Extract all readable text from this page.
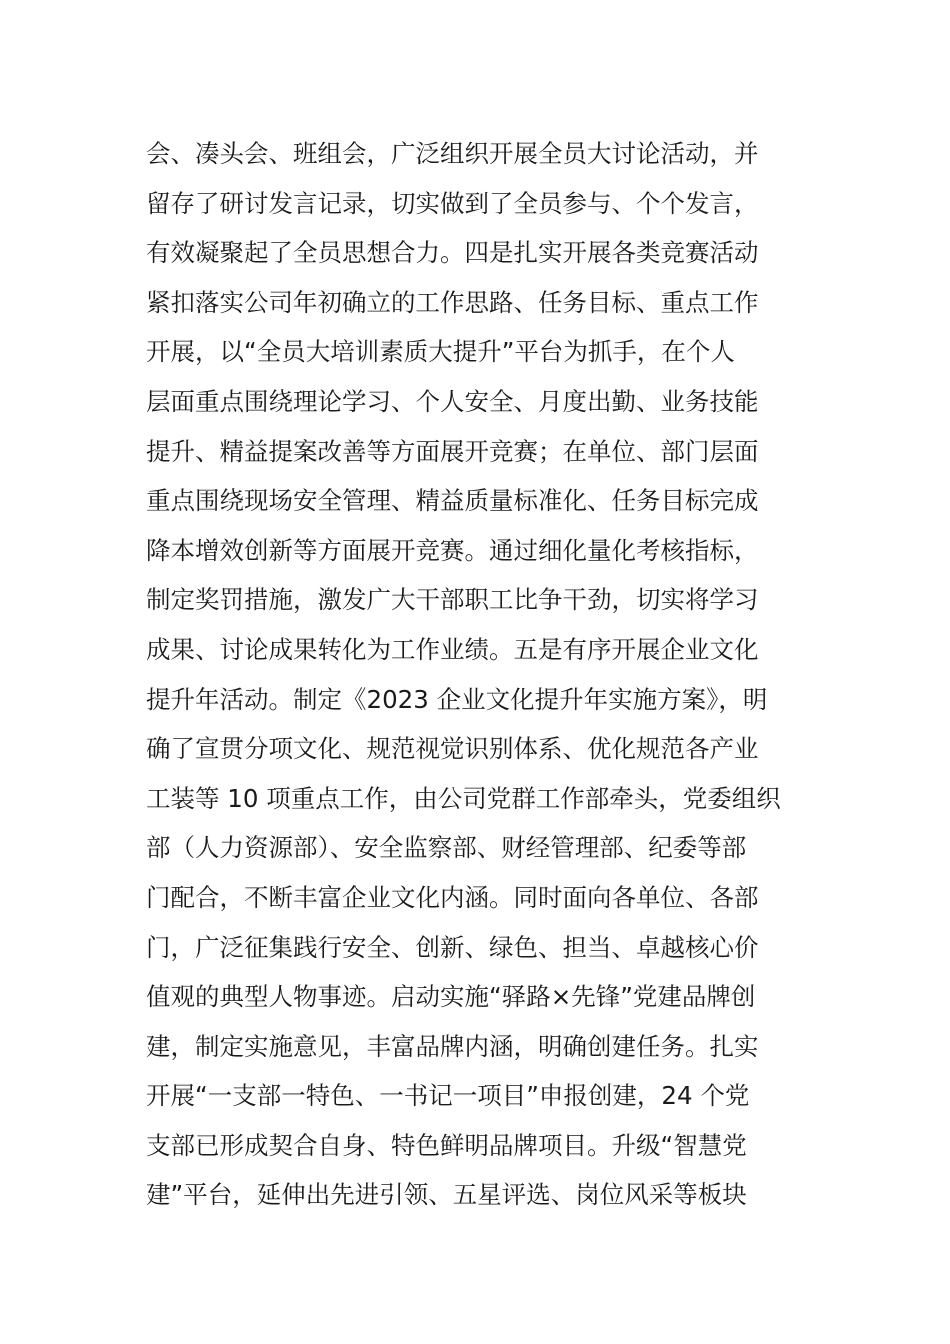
会、凑头会、班组会，广泛组织开展全员大讨论活动，并
留存了研讨发言记录，切实做到了全员参与、个个发言，
有效凝聚起了全员思想合力。四是扎实开展各类竞赛活动
紧扣落实公司年初确立的工作思路、任务目标、重点工作
开展，以“全员大培训素质大提升”平台为抓手，在个人
层面重点围绕理论学习、个人安全、月度出勤、业务技能
提升、精益提案改善等方面展开竞赛；在单位、部门层面
重点围绕现场安全管理、精益质量标准化、任务目标完成
降本增效创新等方面展开竞赛。通过细化量化考核指标，
制定奖罚措施，激发广大干部职工比争干劲，切实将学习
成果、讨论成果转化为工作业绩。五是有序开展企业文化
提升年活动。制定《2023 企业文化提升年实施方案》，明
确了宣贯分项文化、规范视觉识别体系、优化规范各产业
工装等 10 项重点工作，由公司党群工作部牵头，党委组织
部（人力资源部）、安全监察部、财经管理部、纪委等部
门配合，不断丰富企业文化内涵。同时面向各单位、各部
门，广泛征集践行安全、创新、绿色、担当、卓越核心价
值观的典型人物事迹。启动实施“驿路×先锋”党建品牌创
建，制定实施意见，丰富品牌内涵，明确创建任务。扎实
开展“一支部一特色、一书记一项目”申报创建，24 个党
支部已形成契合自身、特色鲜明品牌项目。升级“智慧党
建”平台，延伸出先进引领、五星评选、岗位风采等板块
